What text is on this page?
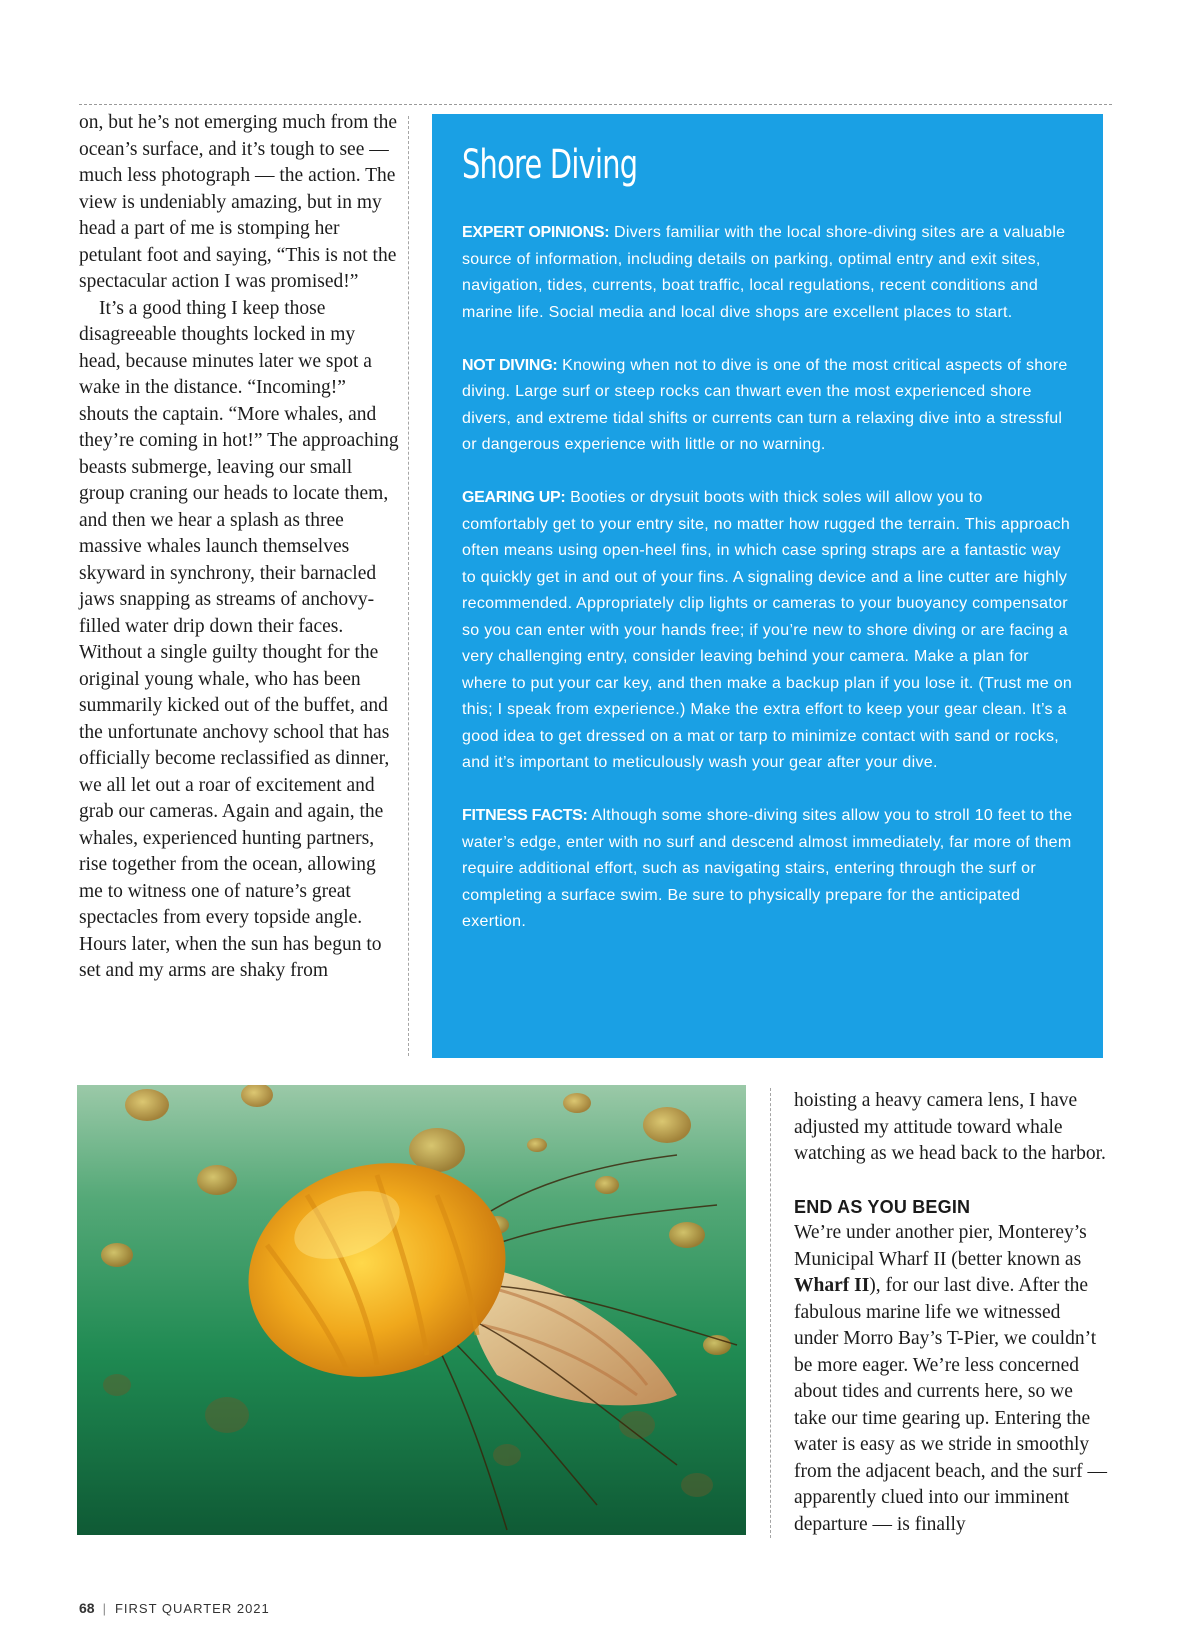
on, but he’s not emerging much from the ocean’s surface, and it’s tough to see — much less photograph — the action. The view is undeniably amazing, but in my head a part of me is stomping her petulant foot and saying, “This is not the spectacular action I was promised!”

It’s a good thing I keep those disagreeable thoughts locked in my head, because minutes later we spot a wake in the distance. “Incoming!” shouts the captain. “More whales, and they’re coming in hot!” The approaching beasts submerge, leaving our small group craning our heads to locate them, and then we hear a splash as three massive whales launch themselves skyward in synchrony, their barnacled jaws snapping as streams of anchovy-filled water drip down their faces. Without a single guilty thought for the original young whale, who has been summarily kicked out of the buffet, and the unfortunate anchovy school that has officially become reclassified as dinner, we all let out a roar of excitement and grab our cameras. Again and again, the whales, experienced hunting partners, rise together from the ocean, allowing me to witness one of nature’s great spectacles from every topside angle. Hours later, when the sun has begun to set and my arms are shaky from

Shore Diving

EXPERT OPINIONS: Divers familiar with the local shore-diving sites are a valuable source of information, including details on parking, optimal entry and exit sites, navigation, tides, currents, boat traffic, local regulations, recent conditions and marine life. Social media and local dive shops are excellent places to start.

NOT DIVING: Knowing when not to dive is one of the most critical aspects of shore diving. Large surf or steep rocks can thwart even the most experienced shore divers, and extreme tidal shifts or currents can turn a relaxing dive into a stressful or dangerous experience with little or no warning.

GEARING UP: Booties or drysuit boots with thick soles will allow you to comfortably get to your entry site, no matter how rugged the terrain. This approach often means using open-heel fins, in which case spring straps are a fantastic way to quickly get in and out of your fins. A signaling device and a line cutter are highly recommended. Appropriately clip lights or cameras to your buoyancy compensator so you can enter with your hands free; if you’re new to shore diving or are facing a very challenging entry, consider leaving behind your camera. Make a plan for where to put your car key, and then make a backup plan if you lose it. (Trust me on this; I speak from experience.) Make the extra effort to keep your gear clean. It’s a good idea to get dressed on a mat or tarp to minimize contact with sand or rocks, and it’s important to meticulously wash your gear after your dive.

FITNESS FACTS: Although some shore-diving sites allow you to stroll 10 feet to the water’s edge, enter with no surf and descend almost immediately, far more of them require additional effort, such as navigating stairs, entering through the surf or completing a surface swim. Be sure to physically prepare for the anticipated exertion.

hoisting a heavy camera lens, I have adjusted my attitude toward whale watching as we head back to the harbor.

END AS YOU BEGIN

We’re under another pier, Monterey’s Municipal Wharf II (better known as Wharf II), for our last dive. After the fabulous marine life we witnessed under Morro Bay’s T-Pier, we couldn’t be more eager. We’re less concerned about tides and currents here, so we take our time gearing up. Entering the water is easy as we stride in smoothly from the adjacent beach, and the surf — apparently clued into our imminent departure — is finally

68 | FIRST QUARTER 2021
